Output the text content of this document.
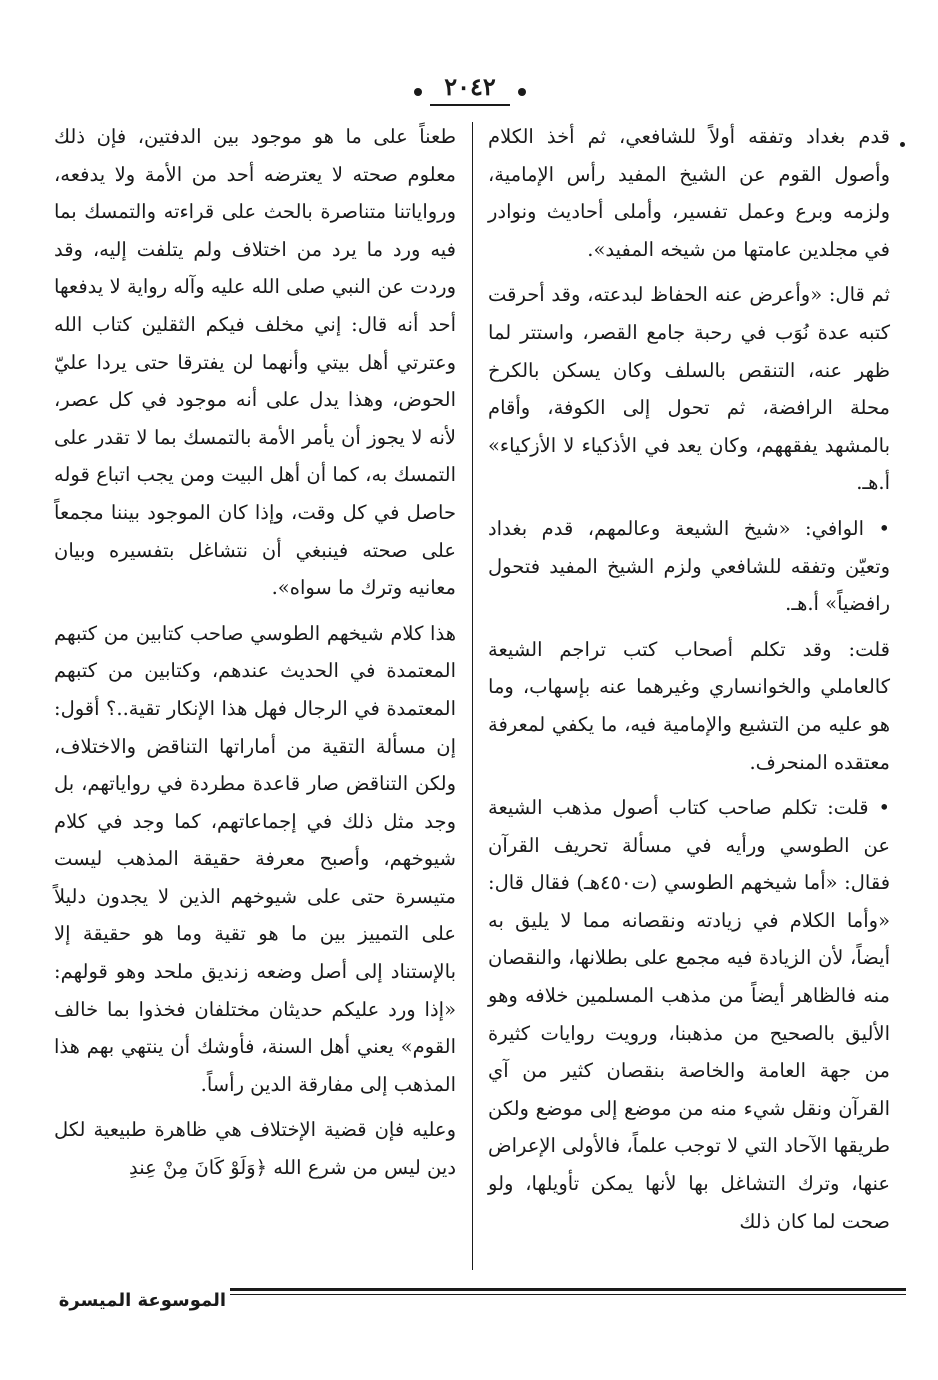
٢٠٤٢

قدم بغداد وتفقه أولاً للشافعي، ثم أخذ الكلام وأصول القوم عن الشيخ المفيد رأس الإمامية، ولزمه وبرع وعمل تفسير، وأملى أحاديث ونوادر في مجلدين عامتها من شيخه المفيد».

ثم قال: «وأعرض عنه الحفاظ لبدعته، وقد أحرقت كتبه عدة نُوَب في رحبة جامع القصر، واستتر لما ظهر عنه، التنقص بالسلف وكان يسكن بالكرخ محلة الرافضة، ثم تحول إلى الكوفة، وأقام بالمشهد يفقههم، وكان يعد في الأذكياء لا الأزكياء» أ.هـ.

• الوافي: «شيخ الشيعة وعالمهم، قدم بغداد وتعيّن وتفقه للشافعي ولزم الشيخ المفيد فتحول رافضياً» أ.هـ.

قلت: وقد تكلم أصحاب كتب تراجم الشيعة كالعاملي والخوانساري وغيرهما عنه بإسهاب، وما هو عليه من التشيع والإمامية فيه، ما يكفي لمعرفة معتقده المنحرف.

• قلت: تكلم صاحب كتاب أصول مذهب الشيعة عن الطوسي ورأيه في مسألة تحريف القرآن فقال: «أما شيخهم الطوسي (ت٤٥٠هـ) فقال قال: «وأما الكلام في زيادته ونقصانه مما لا يليق به أيضاً، لأن الزيادة فيه مجمع على بطلانها، والنقصان منه فالظاهر أيضاً من مذهب المسلمين خلافه وهو الأليق بالصحيح من مذهبنا، ورويت روايات كثيرة من جهة العامة والخاصة بنقصان كثير من آي القرآن ونقل شيء منه من موضع إلى موضع ولكن طريقها الآحاد التي لا توجب علماً، فالأولى الإعراض عنها، وترك التشاغل بها لأنها يمكن تأويلها، ولو صحت لما كان ذلك

طعناً على ما هو موجود بين الدفتين، فإن ذلك معلوم صحته لا يعترضه أحد من الأمة ولا يدفعه، ورواياتنا متناصرة بالحث على قراءته والتمسك بما فيه ورد ما يرد من اختلاف ولم يتلفت إليه، وقد وردت عن النبي صلى الله عليه وآله رواية لا يدفعها أحد أنه قال: إني مخلف فيكم الثقلين كتاب الله وعترتي أهل بيتي وأنهما لن يفترقا حتى يردا عليّ الحوض، وهذا يدل على أنه موجود في كل عصر، لأنه لا يجوز أن يأمر الأمة بالتمسك بما لا تقدر على التمسك به، كما أن أهل البيت ومن يجب اتباع قوله حاصل في كل وقت، وإذا كان الموجود بيننا مجمعاً على صحته فينبغي أن نتشاغل بتفسيره وبيان معانيه وترك ما سواه».

هذا كلام شيخهم الطوسي صاحب كتابين من كتبهم المعتمدة في الحديث عندهم، وكتابين من كتبهم المعتمدة في الرجال فهل هذا الإنكار تقية..؟ أقول: إن مسألة التقية من أماراتها التناقض والاختلاف، ولكن التناقض صار قاعدة مطردة في رواياتهم، بل وجد مثل ذلك في إجماعاتهم، كما وجد في كلام شيوخهم، وأصبح معرفة حقيقة المذهب ليست متيسرة حتى على شيوخهم الذين لا يجدون دليلاً على التمييز بين ما هو تقية وما هو حقيقة إلا بالإستناد إلى أصل وضعه زنديق ملحد وهو قولهم: «إذا ورد عليكم حديثان مختلفان فخذوا بما خالف القوم» يعني أهل السنة، فأوشك أن ينتهي بهم هذا المذهب إلى مفارقة الدين رأساً.

وعليه فإن قضية الإختلاف هي ظاهرة طبيعية لكل دين ليس من شرع الله ﴿وَلَوْ كَانَ مِنْ عِندِ

الموسوعة الميسرة
